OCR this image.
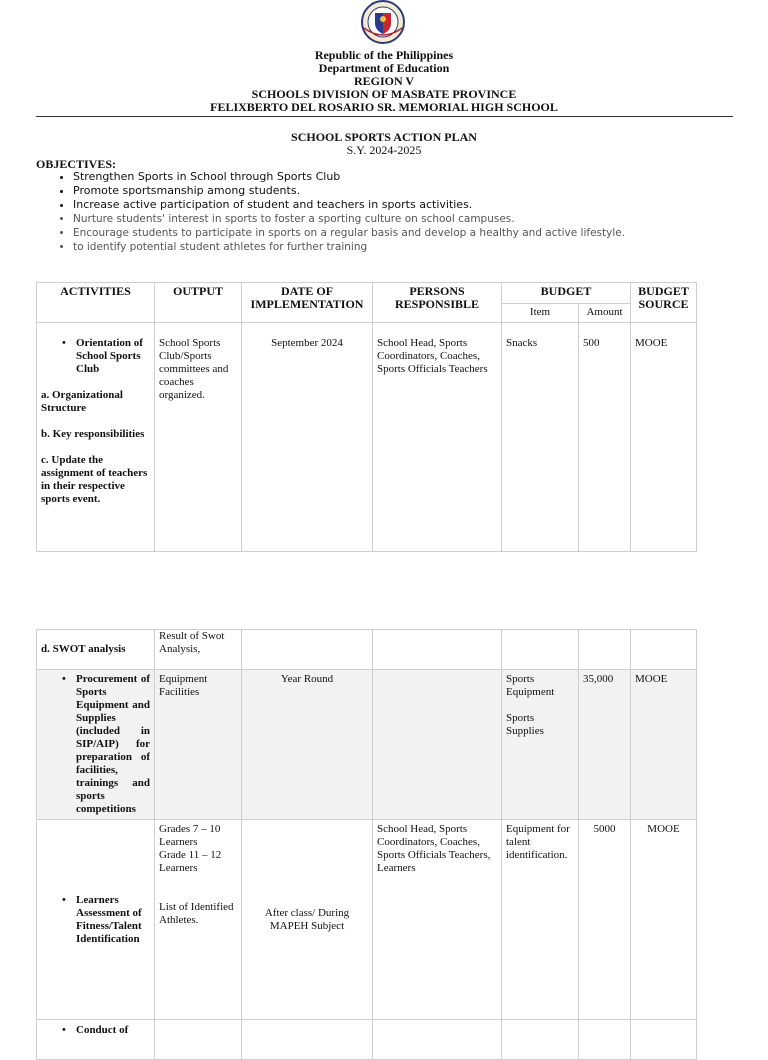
Republic of the Philippines
Department of Education
REGION V
SCHOOLS DIVISION OF MASBATE PROVINCE
FELIXBERTO DEL ROSARIO SR. MEMORIAL HIGH SCHOOL
SCHOOL SPORTS ACTION PLAN
S.Y. 2024-2025
OBJECTIVES:
• Strengthen Sports in School through Sports Club
• Promote sportsmanship among students.
• Increase active participation of student and teachers in sports activities.
• Nurture students' interest in sports to foster a sporting culture on school campuses.
• Encourage students to participate in sports on a regular basis and develop a healthy and active lifestyle.
• to identify potential student athletes for further training
ACTIVITIES	OUTPUT	DATE OF IMPLEMENTATION	PERSONS RESPONSIBLE	BUDGET		BUDGET SOURCE
				Item	Amount	

• Orientation of School Sports Club
a. Organizational Structure
b. Key responsibilities
c. Update the assignment of teachers in their respective sports event.	School Sports Club/Sports committees and coaches organized.	September 2024	School Head, Sports Coordinators, Coaches, Sports Officials Teachers	Snacks	500	MOOE
d. SWOT analysis	Result of Swot Analysis,					

• Procurement of Sports Equipment and Supplies (included in SIP/AIP) for preparation of facilities, trainings and sports competitions	Equipment Facilities	Year Round		Sports Equipment
Sports Supplies	35,000	MOOE

• Learners Assessment of Fitness/Talent Identification	Grades 7 – 10 Learners
Grade 11 – 12 Learners
List of Identified Athletes.	After class/ During MAPEH Subject	School Head, Sports Coordinators, Coaches, Sports Officials Teachers, Learners	Equipment for talent identification.	5000	MOOE

• Conduct of
